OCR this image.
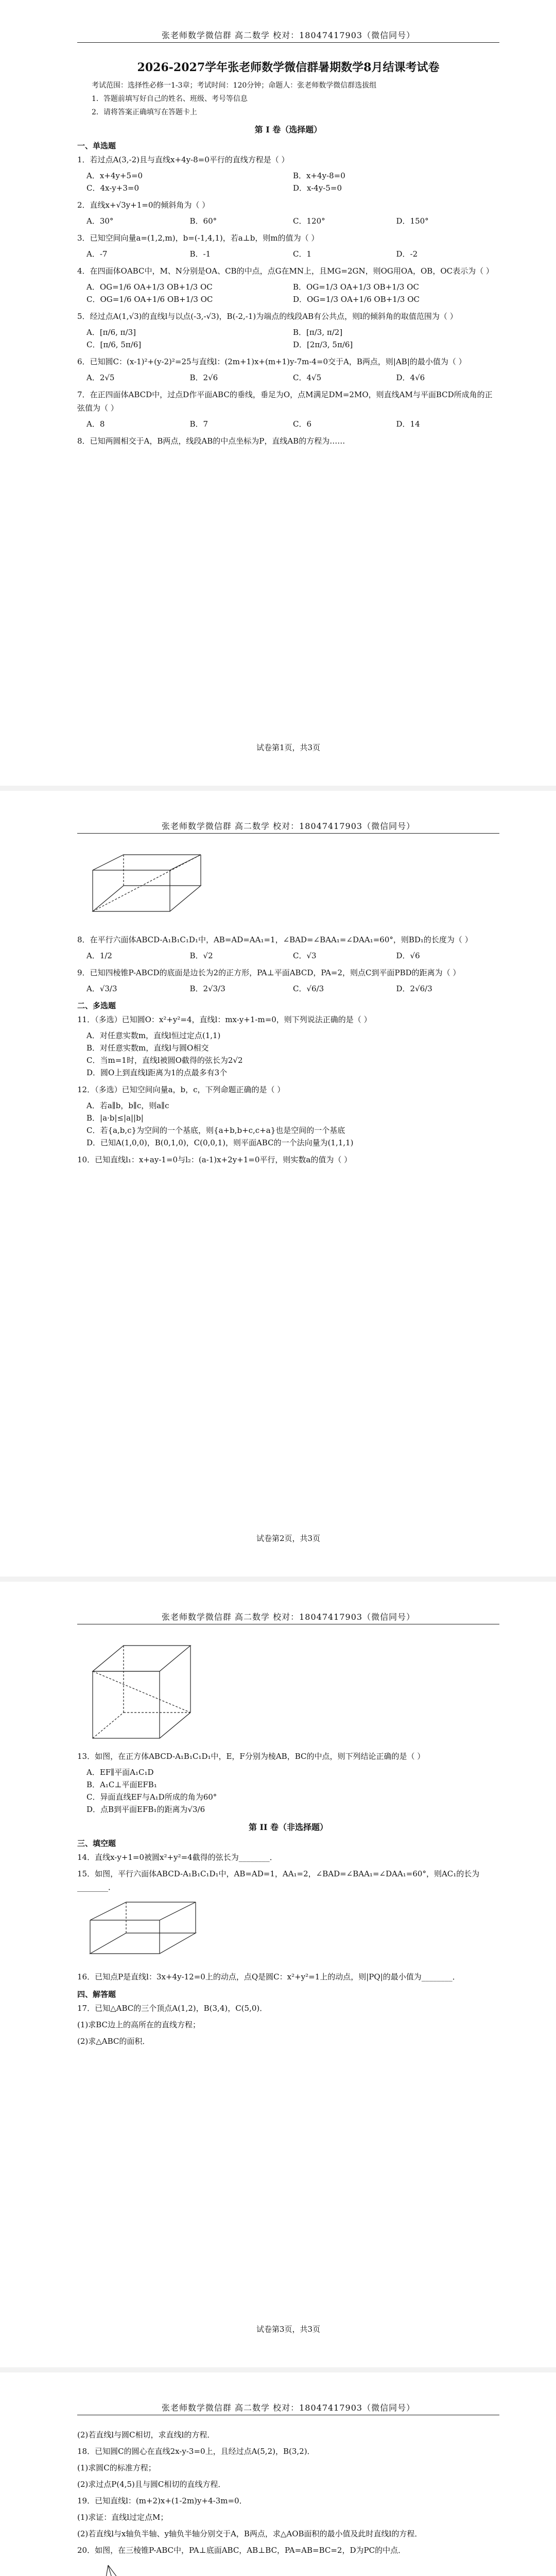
张老师数学微信群 高二数学 校对：18047417903（微信同号）
2026-2027学年张老师数学微信群暑期数学8月结课考试卷
考试范围：选择性必修一1-3章；考试时间：120分钟；命题人：张老师数学微信群选拔组
1．答题前填写好自己的姓名、班级、考号等信息
2．请将答案正确填写在答题卡上
第 I 卷（选择题）
一、单选题
1．若过点A(3,-2)且与直线x+4y-8=0平行的直线方程是（ ）
A．x+4y+5=0	B．x+4y-8=0
C．4x-y+3=0	D．x-4y-5=0
2．直线x+√3y+1=0的倾斜角为（ ）
A．30°	B．60°	C．120°	D．150°
3．已知空间向量a=(1,2,m)，b=(-1,4,1)，若a⊥b，则m的值为（ ）
A．-7	B．-1	C．1	D．-2
4．在四面体OABC中，M、N分别是OA、CB的中点，点G在MN上，且MG=2GN，则OG用OA，OB，OC表示为（ ）
A．OG=1/6 OA+1/3 OB+1/3 OC	B．OG=1/3 OA+1/3 OB+1/3 OC
C．OG=1/6 OA+1/6 OB+1/3 OC	D．OG=1/3 OA+1/6 OB+1/3 OC
5．经过点A(1,√3)的直线l与以点(-3,-√3)，B(-2,-1)为端点的线段AB有公共点，则l的倾斜角的取值范围为（ ）
A．[π/6, π/3]	B．[π/3, π/2]
C．[π/6, 5π/6]	D．[2π/3, 5π/6]
6．已知圆C：(x-1)²+(y-2)²=25与直线l：(2m+1)x+(m+1)y-7m-4=0交于A，B两点，则|AB|的最小值为（ ）
A．2√5	B．2√6	C．4√5	D．4√6
7．在正四面体ABCD中，过点D作平面ABC的垂线，垂足为O，点M满足DM=2MO，则直线AM与平面BCD所成角的正弦值为（ ）
A．8	B．7	C．6	D．14
8．已知两圆相交于A，B两点，线段AB的中点坐标为P，直线AB的方程为……
试卷第1页，共3页
张老师数学微信群 高二数学 校对：18047417903（微信同号）
8．在平行六面体ABCD-A₁B₁C₁D₁中，AB=AD=AA₁=1，∠BAD=∠BAA₁=∠DAA₁=60°，则BD₁的长度为（ ）
A．1/2	B．√2	C．√3	D．√6
9．已知四棱锥P-ABCD的底面是边长为2的正方形，PA⊥平面ABCD，PA=2，则点C到平面PBD的距离为（ ）
A．√3/3	B．2√3/3	C．√6/3	D．2√6/3
二、多选题
11．（多选）已知圆O：x²+y²=4，直线l：mx-y+1-m=0，则下列说法正确的是（ ）
A．对任意实数m，直线l恒过定点(1,1)
B．对任意实数m，直线l与圆O相交
C．当m=1时，直线l被圆O截得的弦长为2√2
D．圆O上到直线l距离为1的点最多有3个
12．（多选）已知空间向量a，b，c，下列命题正确的是（ ）
A．若a∥b，b∥c，则a∥c
B．|a·b|≤|a||b|
C．若{a,b,c}为空间的一个基底，则{a+b,b+c,c+a}也是空间的一个基底
D．已知A(1,0,0)，B(0,1,0)，C(0,0,1)，则平面ABC的一个法向量为(1,1,1)
10．已知直线l₁：x+ay-1=0与l₂：(a-1)x+2y+1=0平行，则实数a的值为（ ）
试卷第2页，共3页
张老师数学微信群 高二数学 校对：18047417903（微信同号）
13．如图，在正方体ABCD-A₁B₁C₁D₁中，E，F分别为棱AB，BC的中点，则下列结论正确的是（ ）
A．EF∥平面A₁C₁D
B．A₁C⊥平面EFB₁
C．异面直线EF与A₁D所成的角为60°
D．点B到平面EFB₁的距离为√3/6
第 II 卷（非选择题）
三、填空题
14．直线x-y+1=0被圆x²+y²=4截得的弦长为________．
15．如图，平行六面体ABCD-A₁B₁C₁D₁中，AB=AD=1，AA₁=2，∠BAD=∠BAA₁=∠DAA₁=60°，则AC₁的长为________．
16．已知点P是直线l：3x+4y-12=0上的动点，点Q是圆C：x²+y²=1上的动点，则|PQ|的最小值为________．
四、解答题
17．已知△ABC的三个顶点A(1,2)，B(3,4)，C(5,0)．
(1)求BC边上的高所在的直线方程；
(2)求△ABC的面积．
试卷第3页，共3页
张老师数学微信群 高二数学 校对：18047417903（微信同号）
(2)若直线l与圆C相切，求直线l的方程．
18．已知圆C的圆心在直线2x-y-3=0上，且经过点A(5,2)，B(3,2)．
(1)求圆C的标准方程；
(2)求过点P(4,5)且与圆C相切的直线方程．
19．已知直线l：(m+2)x+(1-2m)y+4-3m=0．
(1)求证：直线l过定点M；
(2)若直线l与x轴负半轴、y轴负半轴分别交于A，B两点，求△AOB面积的最小值及此时直线l的方程．
20．如图，在三棱锥P-ABC中，PA⊥底面ABC，AB⊥BC，PA=AB=BC=2，D为PC的中点．
